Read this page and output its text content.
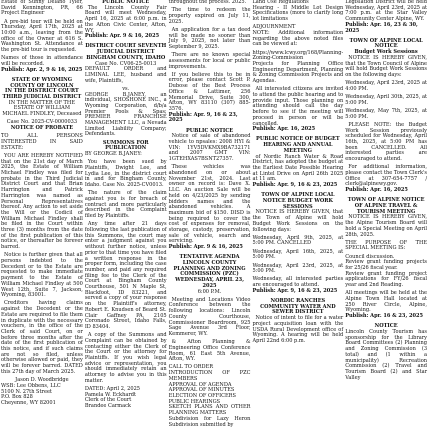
Estate of Sunny Delano Tyler, David Kennington, PR, 66 Project Engineer

A pre-bid tour will be held on Thursday, April 17th, 2025 at 10:00 a.m., leaving from the office of the Owner at 616 S. Washington St. Attendance at the pre-bid tour is requested.

Names of those in attendance will be recorded.

Publish: Apr. 2, 9 & 16, 2025

STATE OF WYOMING

COUNTY OF LINCOLN

IN THE DISTRICT COURT THIRD JUDICIAL DISTRICT

IN THE MATTER OF THE ESTATE OF WILLIAM MICHAEL FINDLEY, Deceased

Case No. 2025-CV-0000033

NOTICE OF PROBATE

TO ALL PERSONS INTERESTED IN SAID ESTATE:

YOU ARE HEREBY NOTIFIED that on the 21st day of March 2025, the Estate of William Michael Findley was filed for probate in the Third Judicial District Court and that Brian Harrington and Patrick Harrington was named as Personal Representatives thereof. Any action to set aside the Will or the Codicil of William Michael Findley shall be filed in the Court within three (3) months from the date of the first publication of this notice, or thereafter be forever barred.

Notice is further given that all persons indebted to the Decedent or to the Estate are requested to make immediate payment to the Estate of William Michael Findley at 500 West 12th, Suite 7, Jackson, Wyoming, 83001.

Creditors having claims against the Decedent or the Estate are required to file them in duplicate with the necessary vouchers, in the office of the Clerk of said Court, on or before three months after the date of the first publication of this notice, and if such claims are not so filed, unless otherwise allowed or paid, they will be forever barred. DATED this 27th day of March 2025.

Jason D. Woodbridge

WSB: Lee Obbens, LLC

5100 N. 27th Street

P.O. Box 828

Cheyenne, WY 82001

PUBLIC NOTICE

The Lincoln County Fair Board will meet Wednesday, April 16, 2025 at 6:00 p.m. in the Afton Civic Center, Afton, WY.

Publish: Apr. 9 & 16, 2025

DISTRICT COURT SEVENTH JUDICIAL DISTRICT BINGHAM COUNTY, IDAHO

Case No. CV06-25-0013

DEFAULT ORDER and LIMINAL LEE, husband and wife, Plaintiffs,

vs.

GEORGE B.JANEY, an individual, SHOSHONE INC., a Wyoming Corporation, d/b/a Premier Pools & Spas; PREMIER FRANCHISE MANAGEMENT LLC, a Nevada Limited Liability Company; Defendants.

SUMMONS FOR PUBLICATION

BY GEORGE B.JANEY:

You have been sued by Plaintiffs, Dwight Lee, and Lydia Lee, in the district court in and for Bingham County, Idaho. Case No. 2025-CV0013.

The nature of the claim against you is for breach of contract and more particularly described in the Complaint filed by Plaintiffs.

Any time after 21 days following the last publication of this Summons, the court may enter a judgment against you without further notice, unless prior to that time you have filed a written response in the proper form, including the case number, and paid any required filing fee to the Clerk of the Court at Bingham County Courthouse, 501 N Maple St, Blackfoot, ID 83221, and served a copy of your response on the Plaintiff's attorney, Robert E. Knudsen of Beard St. Clair Gaffney PA, 2105 Coronado Street, Idaho Falls, ID 83404.

A copy of the Summons and Complaint can be obtained by contacting either the Clerk of the Court or the attorney for Plaintiffs. If you wish legal advice or representation, you should immediately retain an attorney to advise you in this matter.

DATED: April 2, 2025

Pamela W. Eckhardt

Clerk of the Court

Brandee Carmack

throughout the process. 2025.

The time to redeem the property expired on July 11, 2025.

An application for a tax deed will be made no sooner than July 9, 2025, not later than September 9, 2025.

There are no known special assessments for local or public improvements.

If you believe this to be in error, please contact Scott P. Dubose of the Best Process Office & Lattimer, 256 Memorial Drive, Suite 300, Afton, WY 83110 (307) 885-3576.

Publish: Apr. 9, 16 & 23, 2025

PUBLIC NOTICE

Notice of sale of abandoned vehicle to npsales: 2008 HYI & VIN: 1YV5DVKMX9BA732171 and 2007 GMT VIN: 1GTEHXAS7BSNT27357.

These vehicles was abandoned on or about November 21st, 2024. Last owner on record is: Dave X. LLC. An auction Sale will be held on 4/23/2025 by sending bidders names and the abandoned vehicles. A maximum bid of $150. DISD is being required to cover the cost of expenses for removal, storage, custody, preservation, sale of vehicle, search and servicing.

Publish: Apr. 9 & 16, 2025

TENTATIVE AGENDA LINCOLN COUNTY PLANNING AND ZONING COMMISSION (PZC) WEDNESDAY, APRIL 23, 2025

6:00 P.M.

Meeting and Locations Video Conference between the following locations: Lincoln County Courthouse, Commissioner Boardroom, 925 Sage Avenue 3rd Floor, Kemmerer, WY.

& Afton Planning & Engineering Office Conference Room, 61 East 5th Avenue, Afton, WY.

CALL TO ORDER

INTRODUCTION OF PZC MEMBERS

APPROVAL OF AGENDA

APPROVAL OF MINUTES

ELECTION OF OFFICERS

PUBLIC HEARINGS

SKETCH PLANS AND OTHER PLANNING MATTERS

Subdivision for Lazy Heron Subdivision submitted by

Land Use Regulations

Hearing - II Middle Lot Design Specifications (more to clarify long lot limitations

ADJOURNMENT

NOTE: Additional information regarding the above noted files can be viewed at:

https://www.lcwy.org/168/Planning-Zoning-Commission

Projects for Planning Office Engineering Department, Planning & Zoning Commission Projects and Agendas.

All interested citizens are invited to attend the public hearing and to provide input. Those planning on attending should call the day before to see if the meeting will proceed in person or will be cancelled.

Publish: Apr. 16, 2025

PUBLIC NOTICE OF BUDGET HEARING AND ANNUAL MEETING

of Nordic Ranch Water & Road District, has adopted the budget at the Earliest Date Possible Hearing at Lintel Drive on April 26th 2025 at 11 am.

Publish: Apr. 9, 16 & 23, 2025

TOWN OF ALPINE LOCAL NOTICE BUDGET WORK SESSIONS

NOTICE IS HEREBY GIVEN, that the Town of Alpine will hold Budget Work Sessions on the following days:

Wednesday, April 9th, 2025, at 5:00 PM. CANCELLED

Wednesday, April 16th, 2025, at 5:00 PM.

Wednesday, April 23rd, 2025, at 5:00 PM.

Wednesday, all interested parties are encouraged to attend.

Publish: Apr. 9, 16 & 23, 2025

NORDIC RANCHES COMMUNITY WATER AND SEWER DISTRICT

Notice of intent to file for a water project acquisition loan with the USDA Rural Development office of Wyoming. A hearing will be held April 22nd 6:00 p.m.

Legislation District will be held Wednesday, April 23rd, 2025 at 7:00 p.m. at the Star Valley Community Center Alpine, WY.

Publish: Apr. 16, 23 & 30, 2025

TOWN OF ALPINE LOCAL NOTICE

Budget Work Sessions

NOTICE IS HEREBY GIVEN, that the Town Council of Alpine will hold Budget Work Sessions on the following days:

Wednesday, April 23rd, 2025 at 4:00 PM.

Wednesday, April 30th, 2025, at 5:00 PM.

Wednesday, May 7th, 2025, at 5:00 PM.

PLEASE NOTE: the Budget Work Session previously scheduled for Wednesday, April 16th, 2025, at 5:00 PM has been CANCELLED. All interested parties are encouraged to attend.

For additional information, please contact the Town Clerk's Office at 307-654-7757 / clerk@alpinewy.gov.

Publish: Apr. 16, 2025

TOWN OF ALPINE NOTICE OF ALPINE TRAVEL & TOURISM MEETING

NOTICE IS HEREBY GIVEN, the Alpine Tourism Board will hold a Special Meeting on April 28th, 2025.

THE PURPOSE OF THE SPECIAL MEETING IS:

Council discussion.

Review grant funding projects for 25/26 fiscal year.

Review grant funding project applications for FY/26 fiscal year and 2nd Reading.

All meetings will be held at the Alpine Town Hall located at 250 River Circle, Alpine, Wyoming.

Publish: Apr. 16 & 23, 2025

NOTICE

Lincoln County Tourism has sponsorship for the Library Board Committees (2) Planning and Zoning Commission (3 total) and (1 within a municipality) Recreation Commission (2) Travel and Tourism Board (2) and Star Valley
